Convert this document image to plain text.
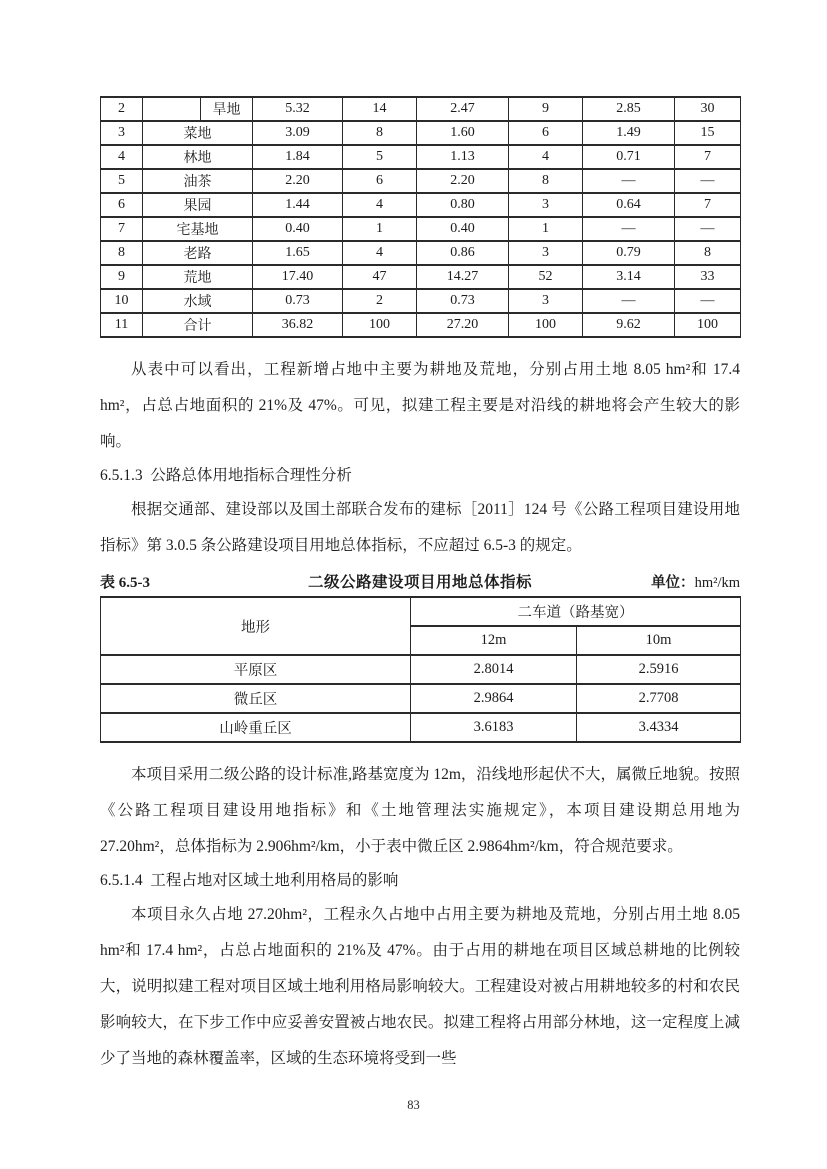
2		旱地	5.32	14	2.47	9	2.85	30
3	菜地		3.09	8	1.60	6	1.49	15
4	林地		1.84	5	1.13	4	0.71	7
5	油茶		2.20	6	2.20	8	—	—
6	果园		1.44	4	0.80	3	0.64	7
7	宅基地		0.40	1	0.40	1	—	—
8	老路		1.65	4	0.86	3	0.79	8
9	荒地		17.40	47	14.27	52	3.14	33
10	水域		0.73	2	0.73	3	—	—
11	合计		36.82	100	27.20	100	9.62	100

从表中可以看出，工程新增占地中主要为耕地及荒地，分别占用土地 8.05 hm²和 17.4 hm²，占总占地面积的 21%及 47%。可见，拟建工程主要是对沿线的耕地将会产生较大的影响。

6.5.1.3  公路总体用地指标合理性分析

根据交通部、建设部以及国土部联合发布的建标［2011］124 号《公路工程项目建设用地指标》第 3.0.5 条公路建设项目用地总体指标，不应超过 6.5-3 的规定。

表 6.5-3	二级公路建设项目用地总体指标	单位：hm²/km
地形	二车道（路基宽）	
	12m	10m
平原区	2.8014	2.5916
微丘区	2.9864	2.7708
山岭重丘区	3.6183	3.4334

本项目采用二级公路的设计标准,路基宽度为 12m，沿线地形起伏不大，属微丘地貌。按照《公路工程项目建设用地指标》和《土地管理法实施规定》，本项目建设期总用地为 27.20hm²，总体指标为 2.906hm²/km，小于表中微丘区 2.9864hm²/km，符合规范要求。

6.5.1.4  工程占地对区域土地利用格局的影响

本项目永久占地 27.20hm²，工程永久占地中占用主要为耕地及荒地，分别占用土地 8.05 hm²和 17.4 hm²，占总占地面积的 21%及 47%。由于占用的耕地在项目区域总耕地的比例较大，说明拟建工程对项目区域土地利用格局影响较大。工程建设对被占用耕地较多的村和农民影响较大，在下步工作中应妥善安置被占地农民。拟建工程将占用部分林地，这一定程度上减少了当地的森林覆盖率，区域的生态环境将受到一些

83
